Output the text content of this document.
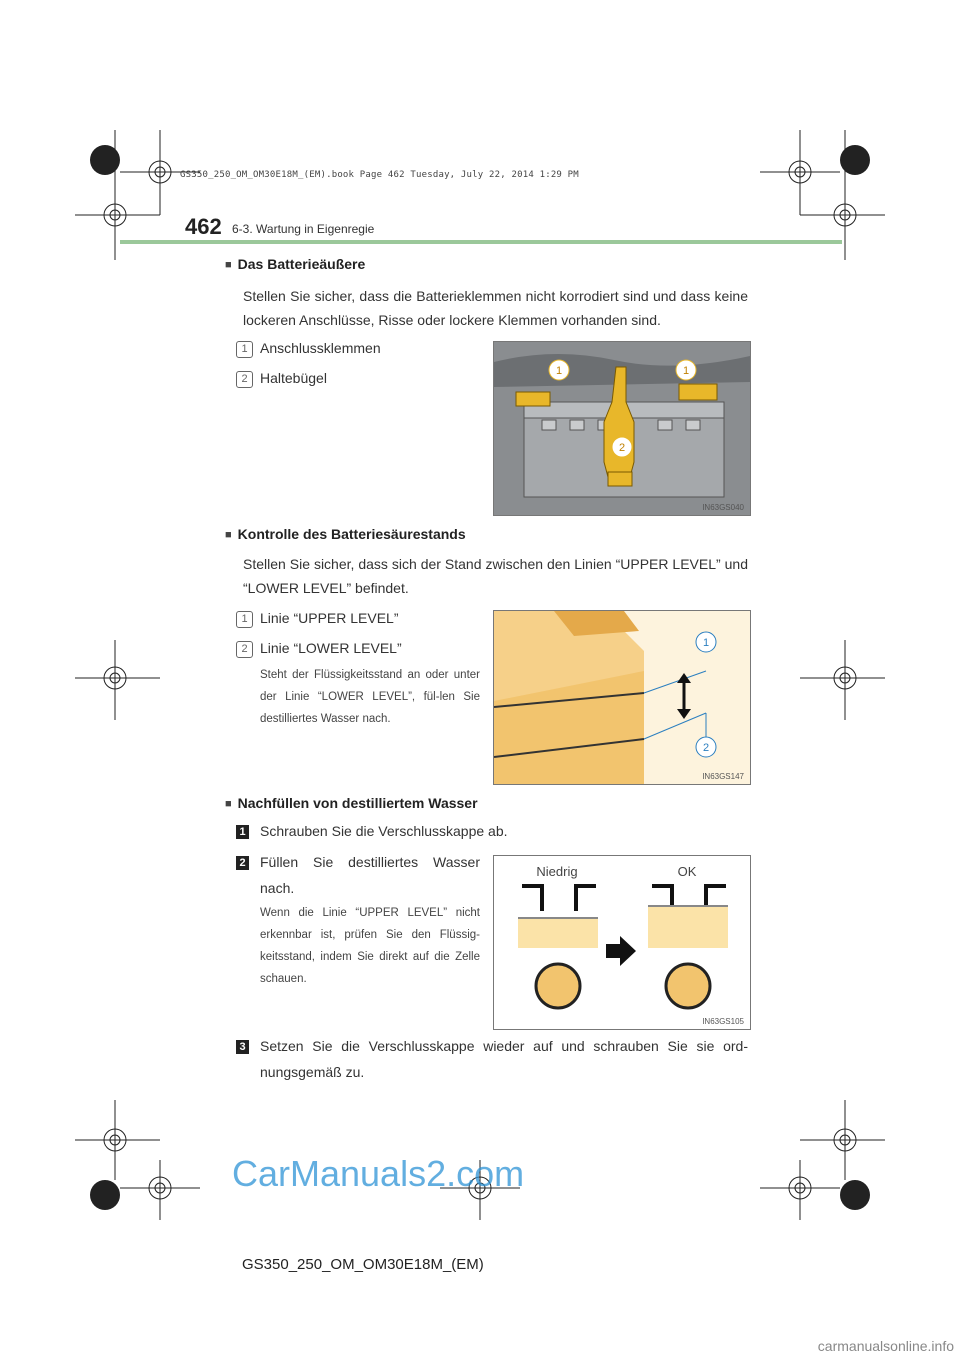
GS350_250_OM_OM30E18M_(EM).book Page 462 Tuesday, July 22, 2014 1:29 PM
462 6-3. Wartung in Eigenregie
■ Das Batterieäußere
Stellen Sie sicher, dass die Batterieklemmen nicht korrodiert sind und dass keine lockeren Anschlüsse, Risse oder lockere Klemmen vorhanden sind.
1 Anschlussklemmen
2 Haltebügel	1	1
2
IN63GS040
■ Kontrolle des Batteriesäurestands
Stellen Sie sicher, dass sich der Stand zwischen den Linien “UPPER LEVEL” und “LOWER LEVEL” befindet.
1 Linie “UPPER LEVEL”
2 Linie “LOWER LEVEL”
Steht der Flüssigkeitsstand an oder unter der Linie “LOWER LEVEL”, fül-len Sie destilliertes Wasser nach.
1
2
IN63GS147
■ Nachfüllen von destilliertem Wasser
1 Schrauben Sie die Verschlusskappe ab.
2 Füllen Sie destilliertes Wasser nach.
Wenn die Linie “UPPER LEVEL” nicht erkennbar ist, prüfen Sie den Flüssig-keitsstand, indem Sie direkt auf die Zelle schauen.
Niedrig	OK
IN63GS105
3 Setzen Sie die Verschlusskappe wieder auf und schrauben Sie sie ord-nungsgemäß zu.
CarManuals2.com
GS350_250_OM_OM30E18M_(EM)
carmanualsonline.info
